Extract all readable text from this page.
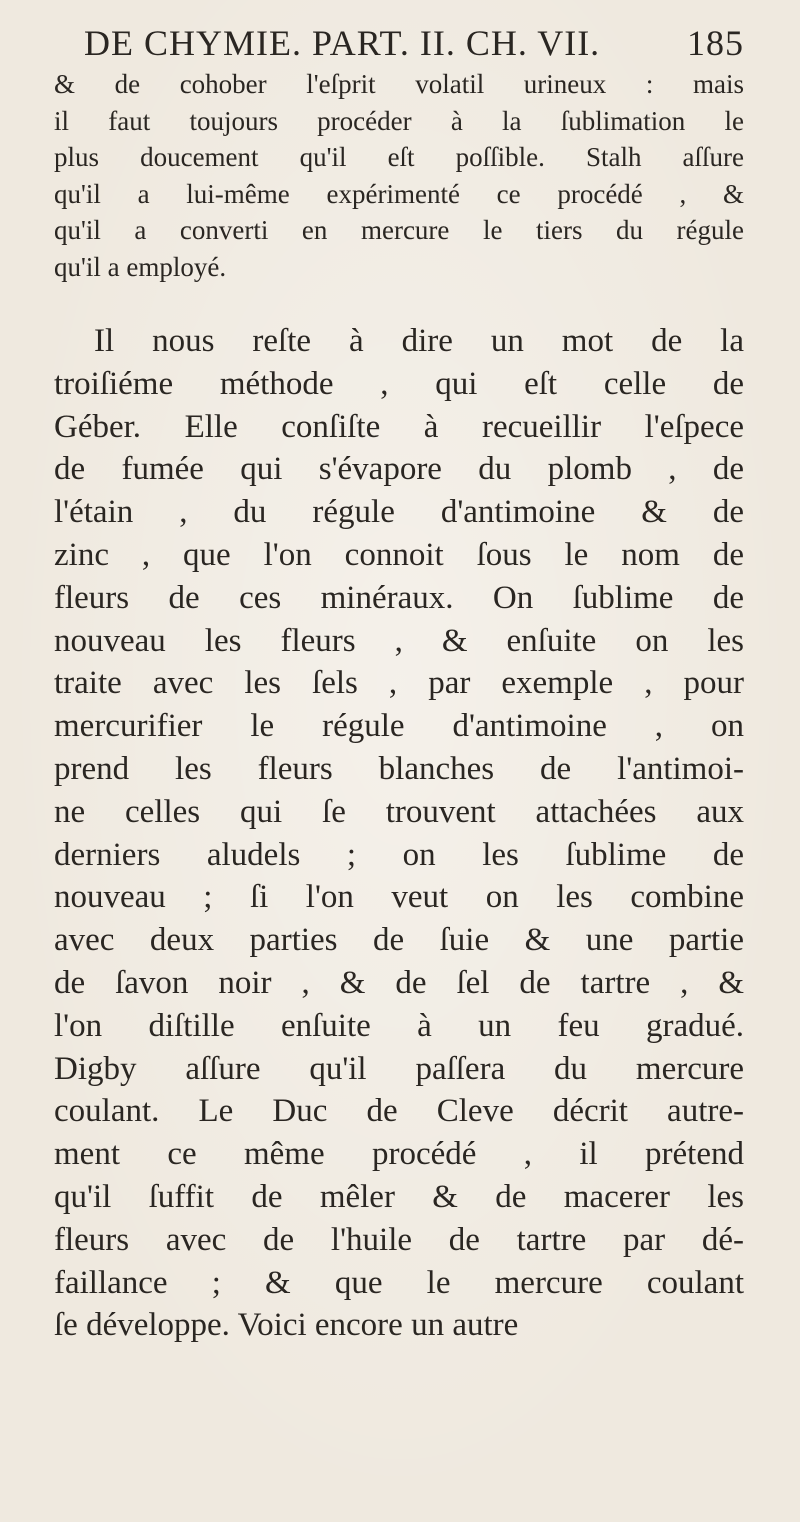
DE CHYMIE. PART. II. CH. VII. 185
& de cohober l'eſprit volatil urineux : mais
il faut toujours procéder à la ſublimation le
plus doucement qu'il eſt poſſible. Stalh aſſure
qu'il a lui-même expérimenté ce procédé , &
qu'il a converti en mercure le tiers du régule
qu'il a employé.
Il nous reſte à dire un mot de la
troiſiéme méthode , qui eſt celle de
Géber. Elle conſiſte à recueillir l'eſpece
de fumée qui s'évapore du plomb , de
l'étain , du régule d'antimoine & de
zinc , que l'on connoit ſous le nom de
fleurs de ces minéraux. On ſublime de
nouveau les fleurs , & enſuite on les
traite avec les ſels , par exemple , pour
mercurifier le régule d'antimoine , on
prend les fleurs blanches de l'antimoi-
ne celles qui ſe trouvent attachées aux
derniers aludels ; on les ſublime de
nouveau ; ſi l'on veut on les combine
avec deux parties de ſuie & une partie
de ſavon noir , & de ſel de tartre , &
l'on diſtille enſuite à un feu gradué.
Digby aſſure qu'il paſſera du mercure
coulant. Le Duc de Cleve décrit autre-
ment ce même procédé , il prétend
qu'il ſuffit de mêler & de macerer les
fleurs avec de l'huile de tartre par dé-
faillance ; & que le mercure coulant
ſe développe. Voici encore un autre
